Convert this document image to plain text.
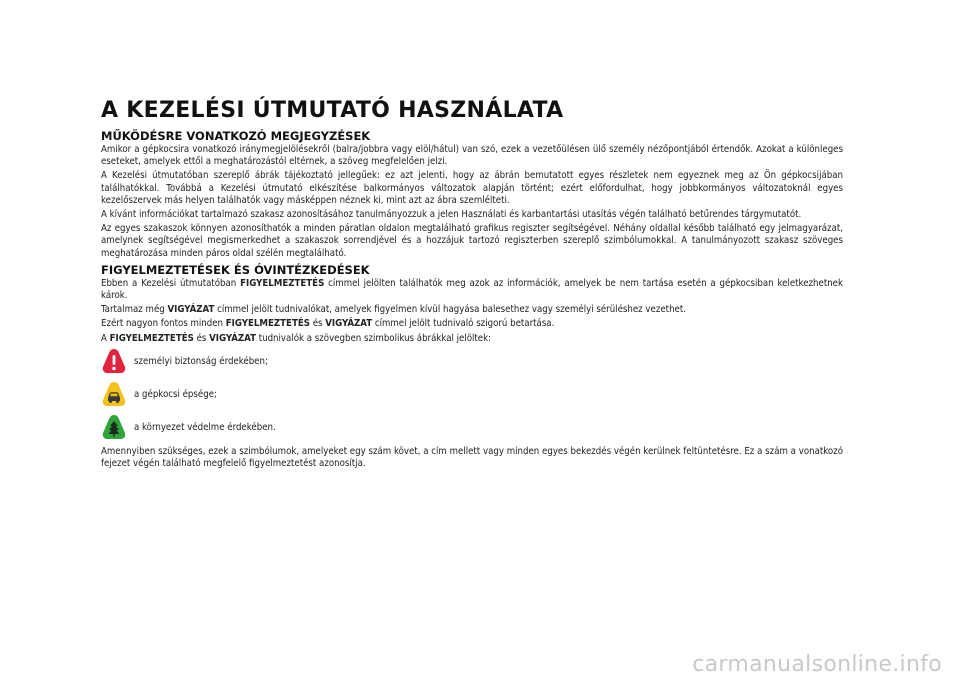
A KEZELÉSI ÚTMUTATÓ HASZNÁLATA
MŰKÖDÉSRE VONATKOZÓ MEGJEGYZÉSEK

Amikor a gépkocsira vonatkozó iránymegjelölésekről (balra/jobbra vagy elöl/hátul) van szó, ezek a vezetőülésen ülő személy nézőpontjából értendők. Azokat a különleges eseteket, amelyek ettől a meghatározástól eltérnek, a szöveg megfelelően jelzi.

A Kezelési útmutatóban szereplő ábrák tájékoztató jellegűek: ez azt jelenti, hogy az ábrán bemutatott egyes részletek nem egyeznek meg az Ön gépkocsijában találhatókkal. Továbbá a Kezelési útmutató elkészítése balkormányos változatok alapján történt; ezért előfordulhat, hogy jobbkormányos változatoknál egyes kezelőszervek más helyen találhatók vagy másképpen néznek ki, mint azt az ábra szemlélteti.

A kívánt információkat tartalmazó szakasz azonosításához tanulmányozzuk a jelen Használati és karbantartási utasítás végén található betűrendes tárgymutatót.

Az egyes szakaszok könnyen azonosíthatók a minden páratlan oldalon megtalálható grafikus regiszter segítségével. Néhány oldallal később található egy jelmagyarázat, amelynek segítségével megismerkedhet a szakaszok sorrendjével és a hozzájuk tartozó regiszterben szereplő szimbólumokkal. A tanulmányozott szakasz szöveges meghatározása minden páros oldal szélén megtalálható.

FIGYELMEZTETÉSEK ÉS ÓVINTÉZKEDÉSEK

Ebben a Kezelési útmutatóban FIGYELMEZTETÉS címmel jelölten találhatók meg azok az információk, amelyek be nem tartása esetén a gépkocsiban keletkezhetnek károk.

Tartalmaz még VIGYÁZAT címmel jelölt tudnivalókat, amelyek figyelmen kívül hagyása balesethez vagy személyi sérüléshez vezethet.

Ezért nagyon fontos minden FIGYELMEZTETÉS és VIGYÁZAT címmel jelölt tudnivaló szigorú betartása.

A FIGYELMEZTETÉS és VIGYÁZAT tudnivalók a szövegben szimbolikus ábrákkal jelöltek:

személyi biztonság érdekében;
a gépkocsi épsége;
a környezet védelme érdekében.

Amennyiben szükséges, ezek a szimbólumok, amelyeket egy szám követ, a cím mellett vagy minden egyes bekezdés végén kerülnek feltüntetésre. Ez a szám a vonatkozó fejezet végén található megfelelő figyelmeztetést azonosítja.

carmanualsonline.info
